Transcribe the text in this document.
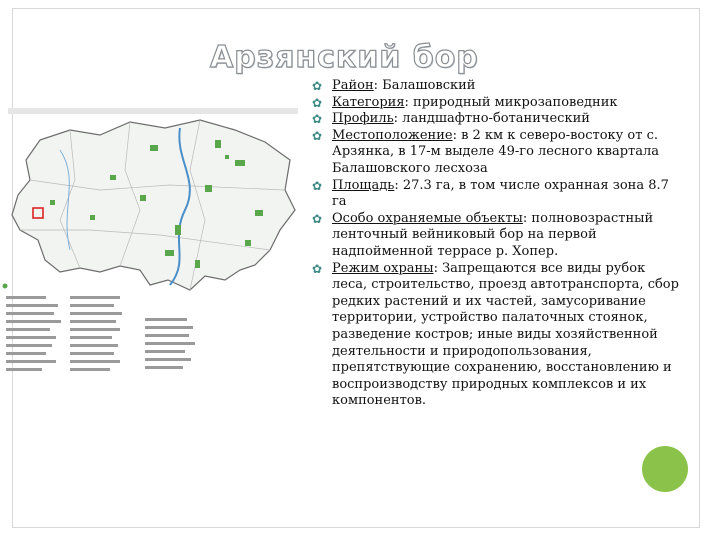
Арзянский бор
✿ Район: Балашовский
✿ Категория: природный микрозаповедник
✿ Профиль: ландшафтно-ботанический
✿ Местоположение: в 2 км к северо-востоку от с. Арзянка, в 17-м выделе 49-го лесного квартала Балашовского лесхоза
✿ Площадь: 27.3 га, в том числе охранная зона 8.7 га
✿ Особо охраняемые объекты: полновозрастный ленточный вейниковый бор на первой надпойменной террасе р. Хопер.
✿ Режим охраны: Запрещаются все виды рубок леса, строительство, проезд автотранспорта, сбор редких растений и их частей, замусоривание территории, устройство палаточных стоянок, разведение костров; иные виды хозяйственной деятельности и природопользования, препятствующие сохранению, восстановлению и воспроизводству природных комплексов и их компонентов.
